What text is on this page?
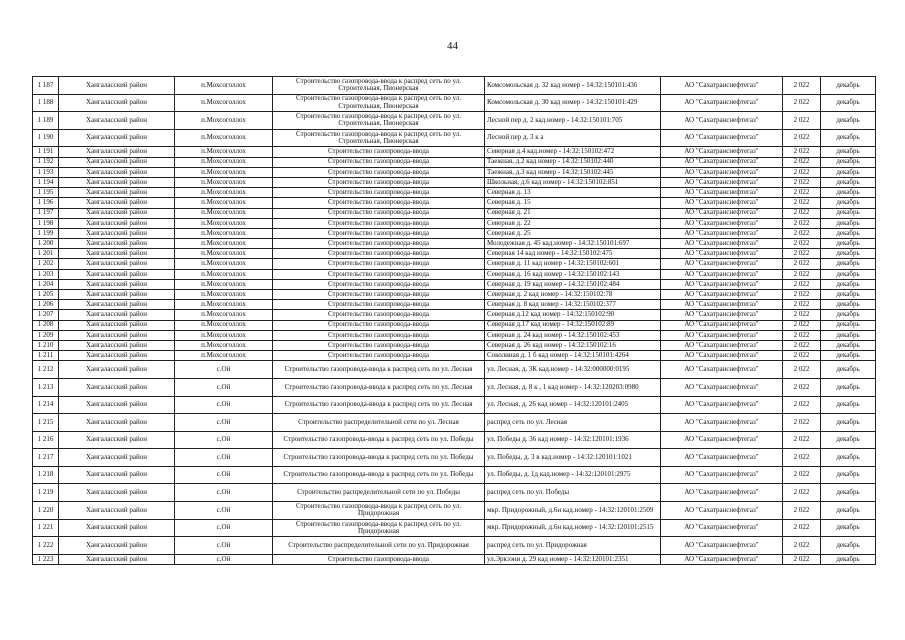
44
1 187	Хангаласский район	п.Мохсоголлох	Строительство газопровода-ввода к распред сеть по ул. Строительная, Пионерская	Комсомольская д. 32 кад номер - 14:32:150101:436	АО "Сахатранснефтегаз"	2 022	декабрь
1 188	Хангаласский район	п.Мохсоголлох	Строительство газопровода-ввода к распред сеть по ул. Строительная, Пионерская	Комсомольская д. 30 кад номер - 14:32:150101:429	АО "Сахатранснефтегаз"	2 022	декабрь
1 189	Хангаласский район	п.Мохсоголлох	Строительство газопровода-ввода к распред сеть по ул. Строительная, Пионерская	Лесной пер д. 2 кад.номер - 14:32:150101:705	АО "Сахатранснефтегаз"	2 022	декабрь
1 190	Хангаласский район	п.Мохсоголлох	Строительство газопровода-ввода к распред сеть по ул. Строительная, Пионерская	Лесной пер д. 3 к а	АО "Сахатранснефтегаз"	2 022	декабрь
1 191	Хангаласский район	п.Мохсоголлох	Строительство газопровода-ввода	Северная д.4 кад.номер - 14:32:150102:472	АО "Сахатранснефтегаз"	2 022	декабрь
1 192	Хангаласский район	п.Мохсоголлох	Строительство газопровода-ввода	Таежная, д.2 кад номер - 14:32:150102:440	АО "Сахатранснефтегаз"	2 022	декабрь
1 193	Хангаласский район	п.Мохсоголлох	Строительство газопровода-ввода	Таежная, д.3 кад номер - 14:32:150102:445	АО "Сахатранснефтегаз"	2 022	декабрь
1 194	Хангаласский район	п.Мохсоголлох	Строительство газопровода-ввода	Школьная, д.6 кад номер - 14:32:150102:851	АО "Сахатранснефтегаз"	2 022	декабрь
1 195	Хангаласский район	п.Мохсоголлох	Строительство газопровода-ввода	Северная д. 13	АО "Сахатранснефтегаз"	2 022	декабрь
1 196	Хангаласский район	п.Мохсоголлох	Строительство газопровода-ввода	Северная д. 15	АО "Сахатранснефтегаз"	2 022	декабрь
1 197	Хангаласский район	п.Мохсоголлох	Строительство газопровода-ввода	Северная д. 21	АО "Сахатранснефтегаз"	2 022	декабрь
1 198	Хангаласский район	п.Мохсоголлох	Строительство газопровода-ввода	Северная д. 22	АО "Сахатранснефтегаз"	2 022	декабрь
1 199	Хангаласский район	п.Мохсоголлох	Строительство газопровода-ввода	Северная д. 25	АО "Сахатранснефтегаз"	2 022	декабрь
1 200	Хангаласский район	п.Мохсоголлох	Строительство газопровода-ввода	Молодежная д. 45 кад.номер - 14:32:150101:697	АО "Сахатранснефтегаз"	2 022	декабрь
1 201	Хангаласский район	п.Мохсоголлох	Строительство газопровода-ввода	Северная 14 кад номер - 14:32:150102:475	АО "Сахатранснефтегаз"	2 022	декабрь
1 202	Хангаласский район	п.Мохсоголлох	Строительство газопровода-ввода	Северная д. 11 кад номер - 14:32:150102:601	АО "Сахатранснефтегаз"	2 022	декабрь
1 203	Хангаласский район	п.Мохсоголлох	Строительство газопровода-ввода	Северная д. 16 кад номер - 14:32:150102:143	АО "Сахатранснефтегаз"	2 022	декабрь
1 204	Хангаласский район	п.Мохсоголлох	Строительство газопровода-ввода	Северная д. 19 кад номер - 14:32:150102:484	АО "Сахатранснефтегаз"	2 022	декабрь
1 205	Хангаласский район	п.Мохсоголлох	Строительство газопровода-ввода	Северная д. 2 кад номер - 14:32:150102:78	АО "Сахатранснефтегаз"	2 022	декабрь
1 206	Хангаласский район	п.Мохсоголлох	Строительство газопровода-ввода	Северная д. 8 кад номер - 14:32:150102:377	АО "Сахатранснефтегаз"	2 022	декабрь
1 207	Хангаласский район	п.Мохсоголлох	Строительство газопровода-ввода	Северная д.12 кад номер - 14:32:150102:90	АО "Сахатранснефтегаз"	2 022	декабрь
1 208	Хангаласский район	п.Мохсоголлох	Строительство газопровода-ввода	Северная д.17 кад номер - 14:32:150102:89	АО "Сахатранснефтегаз"	2 022	декабрь
1 209	Хангаласский район	п.Мохсоголлох	Строительство газопровода-ввода	Северная д. 24 кад номер - 14:32:150102:453	АО "Сахатранснефтегаз"	2 022	декабрь
1 210	Хангаласский район	п.Мохсоголлох	Строительство газопровода-ввода	Северная д. 26 кад номер - 14:32:150102:16	АО "Сахатранснефтегаз"	2 022	декабрь
1 211	Хангаласский район	п.Мохсоголлох	Строительство газопровода-ввода	Соколиная д. 1 б кад номер - 14:32:150101:4264	АО "Сахатранснефтегаз"	2 022	декабрь
1 212	Хангаласский район	с.Ой	Строительство газопровода-ввода к распред сеть по ул. Лесная	ул. Лесная, д. 3К кад.номер - 14:32:000000:0195	АО "Сахатранснефтегаз"	2 022	декабрь
1 213	Хангаласский район	с.Ой	Строительство газопровода-ввода к распред сеть по ул. Лесная	ул. Лесная, д. 8 к , 1 кад номер - 14:32:120203:0980	АО "Сахатранснефтегаз"	2 022	декабрь
1 214	Хангаласский район	с.Ой	Строительство газопровода-ввода к распред сеть по ул. Лесная	ул. Лесная, д. 26 кад номер - 14:32:120101:2405	АО "Сахатранснефтегаз"	2 022	декабрь
1 215	Хангаласский район	с.Ой	Строительство распределительной сети по ул. Лесная	распред сеть по ул. Лесная	АО "Сахатранснефтегаз"	2 022	декабрь
1 216	Хангаласский район	с.Ой	Строительство газопровода-ввода к распред сеть по ул. Победы	ул. Победы д. 36 кад номер - 14:32:120101:1936	АО "Сахатранснефтегаз"	2 022	декабрь
1 217	Хангаласский район	с.Ой	Строительство газопровода-ввода к распред сеть по ул. Победы	ул. Победы, д. 3 в кад.номер - 14:32:120101:1021	АО "Сахатранснефтегаз"	2 022	декабрь
1 218	Хангаласский район	с.Ой	Строительство газопровода-ввода к распред сеть по ул. Победы	ул. Победы, д. 1д кад.номер - 14:32:120101:2975	АО "Сахатранснефтегаз"	2 022	декабрь
1 219	Хангаласский район	с.Ой	Строительство распределительной сети по ул. Победы	распред сеть по ул. Победы	АО "Сахатранснефтегаз"	2 022	декабрь
1 220	Хангаласский район	с.Ой	Строительство газопровода-ввода к распред сеть по ул. Придорожная	мкр. Придорожный, д.6н кад.номер - 14:32:120101:2509	АО "Сахатранснефтегаз"	2 022	декабрь
1 221	Хангаласский район	с.Ой	Строительство газопровода-ввода к распред сеть по ул. Придорожная	мкр. Придорожный, д.6н кад.номер - 14:32:120101:2515	АО "Сахатранснефтегаз"	2 022	декабрь
1 222	Хангаласский район	с.Ой	Строительство распределительной сети по ул. Придорожная	распред сеть по ул. Придорожная	АО "Сахатранснефтегаз"	2 022	декабрь
1 223	Хангаласский район	с.Ой	Строительство газопровода-ввода	ул.Эркээни д. 29 кад номер - 14:32:120101:2351	АО "Сахатранснефтегаз"	2 022	декабрь
